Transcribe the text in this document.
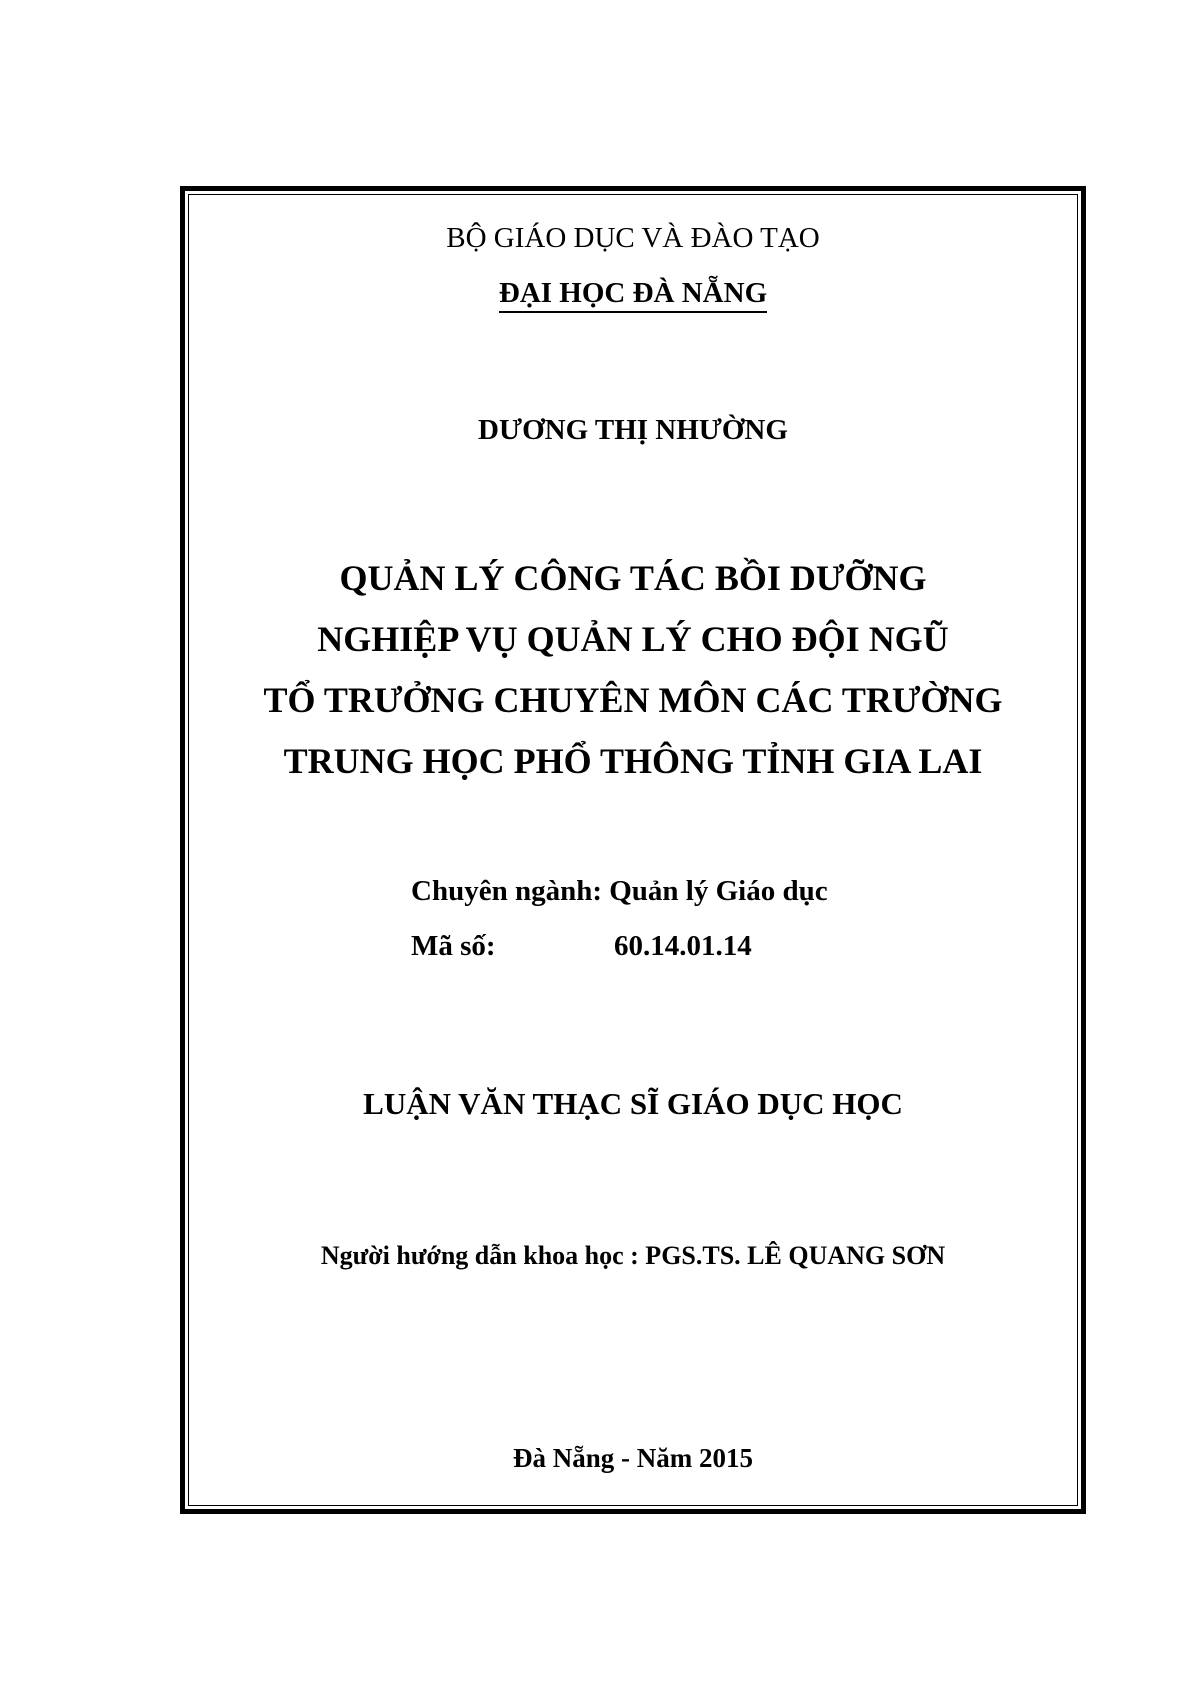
BỘ GIÁO DỤC VÀ ĐÀO TẠO
ĐẠI HỌC ĐÀ NẴNG
DƯƠNG THỊ NHƯỜNG
QUẢN LÝ CÔNG TÁC BỒI DƯỠNG
NGHIỆP VỤ QUẢN LÝ CHO ĐỘI NGŨ
TỔ TRƯỞNG CHUYÊN MÔN CÁC TRƯỜNG
TRUNG HỌC PHỔ THÔNG TỈNH GIA LAI
Chuyên ngành: Quản lý Giáo dục
Mã số:	60.14.01.14
LUẬN VĂN THẠC SĨ GIÁO DỤC HỌC
Người hướng dẫn khoa học : PGS.TS. LÊ QUANG SƠN
Đà Nẵng - Năm 2015
